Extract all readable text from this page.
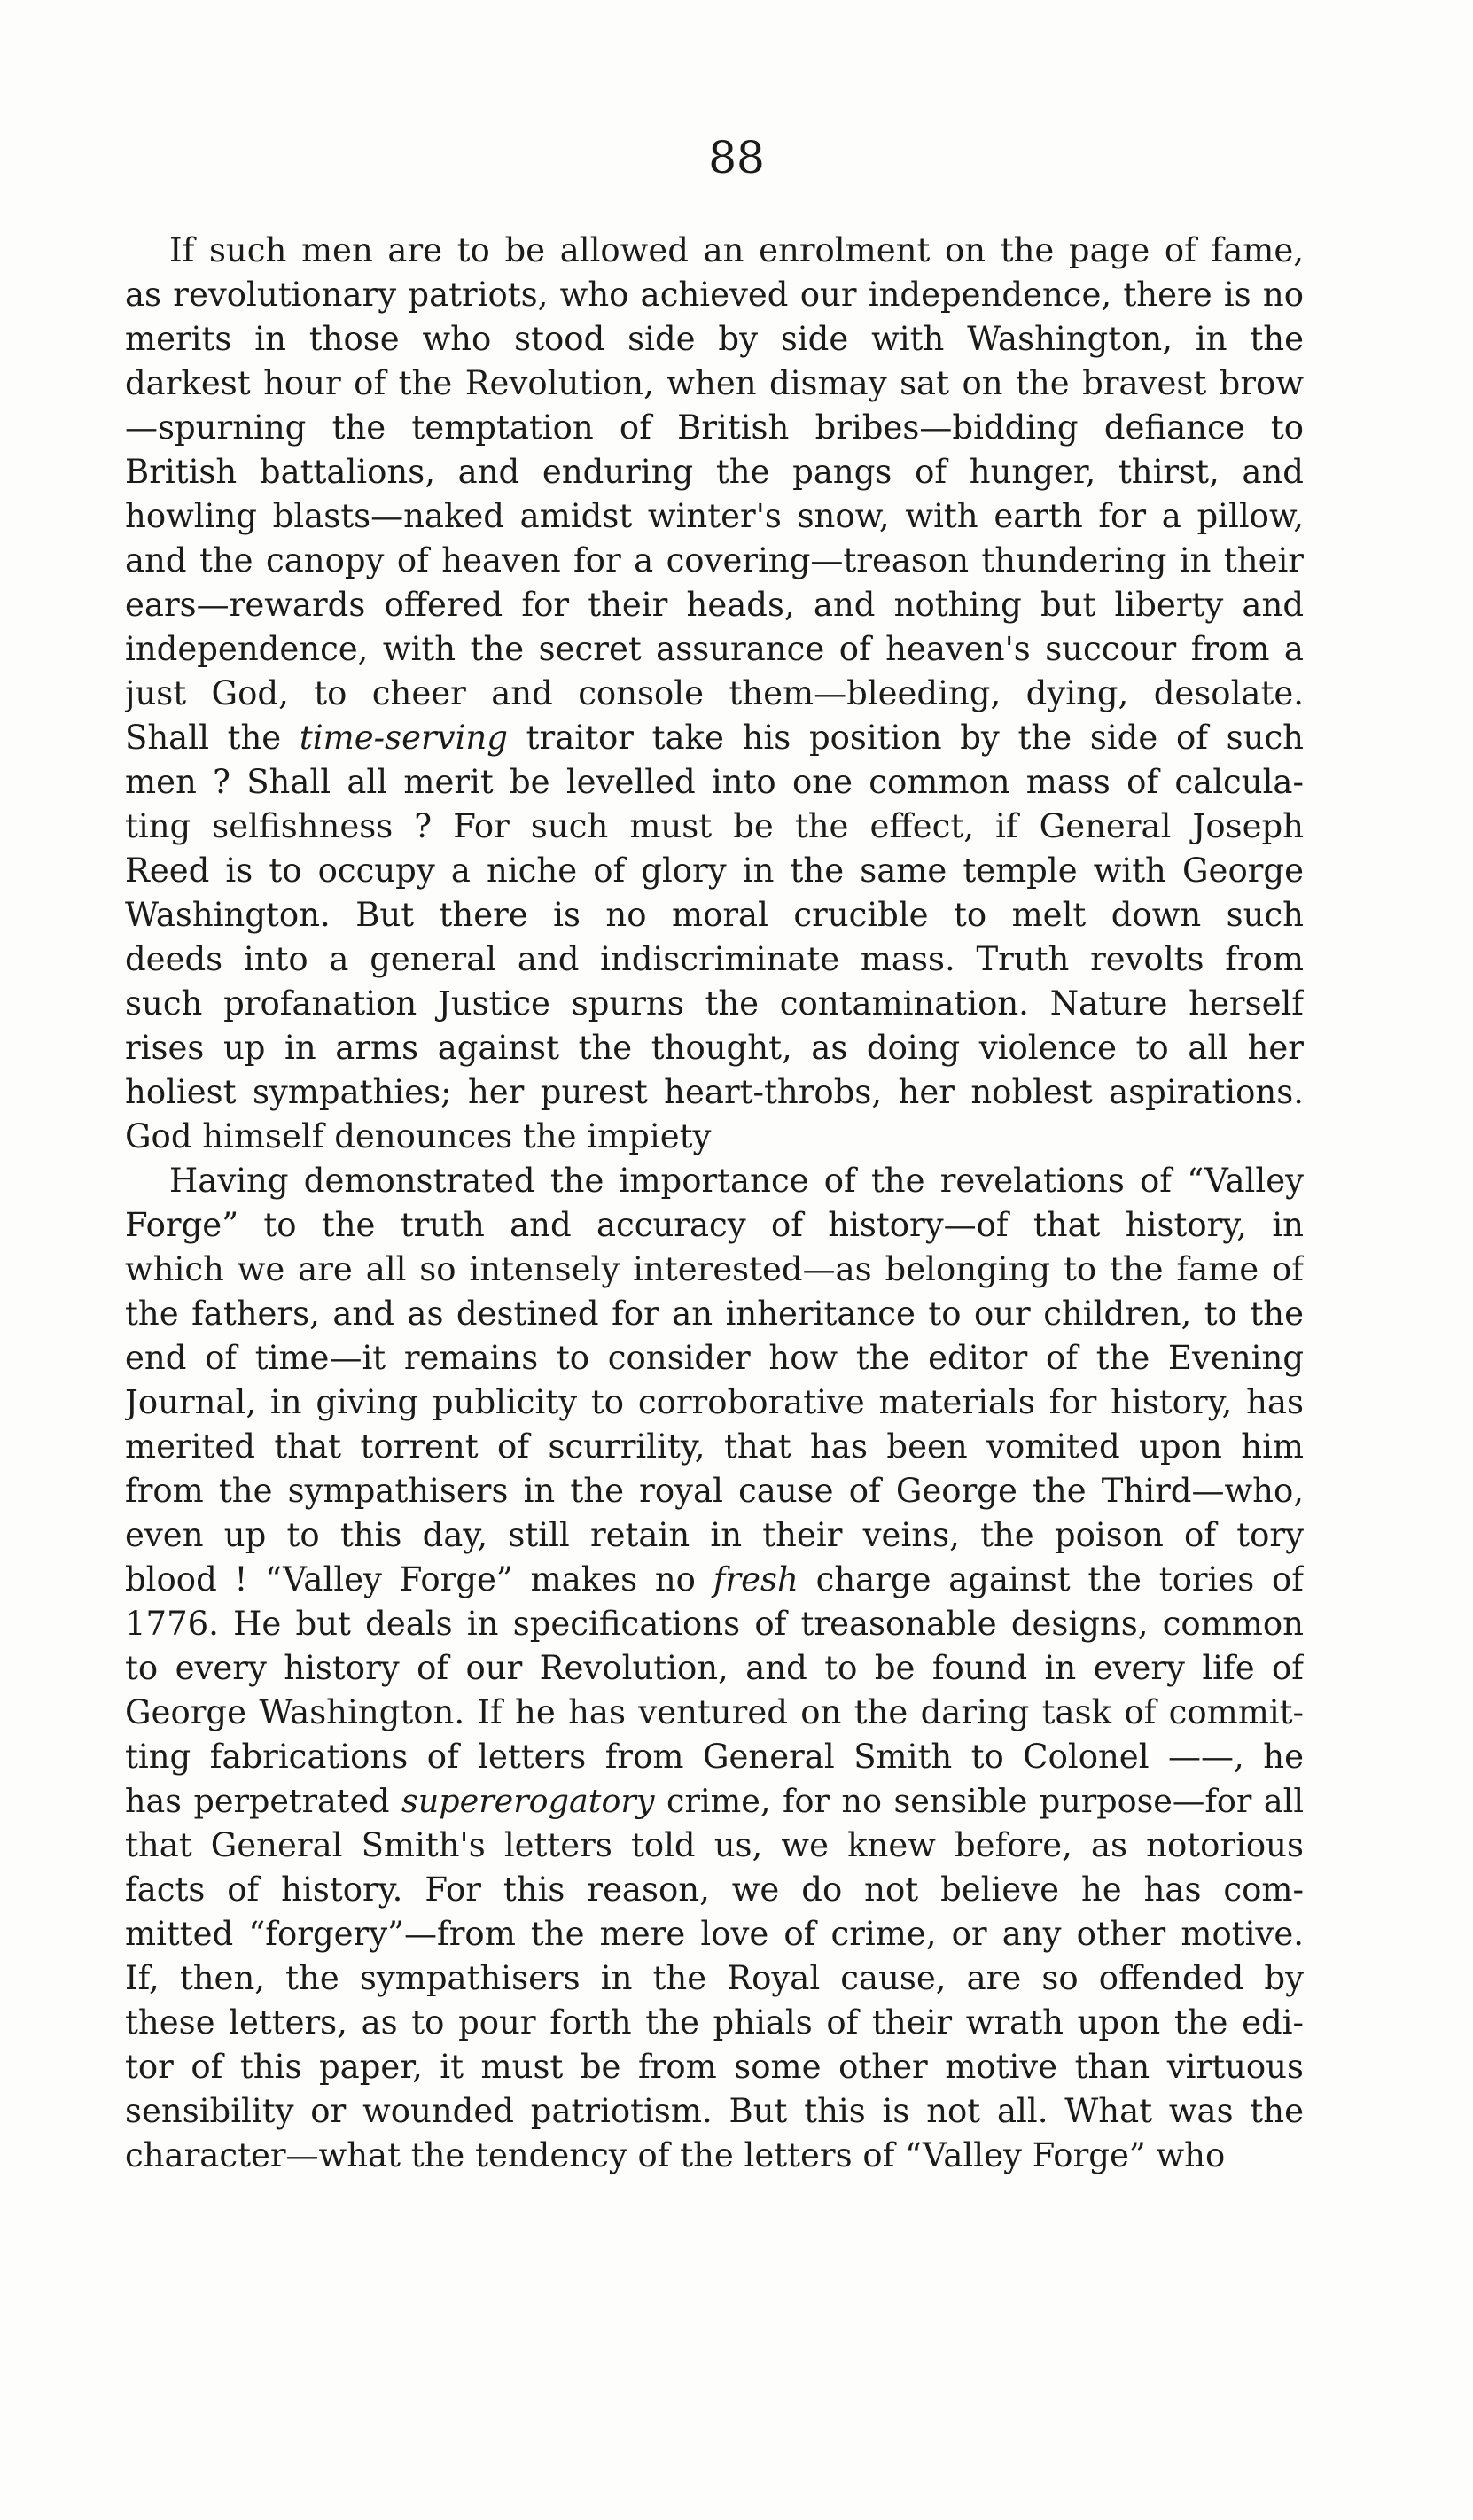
88
If such men are to be allowed an enrolment on the page of fame,
as revolutionary patriots, who achieved our independence, there is no
merits in those who stood side by side with Washington, in the
darkest hour of the Revolution, when dismay sat on the bravest brow
—spurning the temptation of British bribes—bidding defiance to
British battalions, and enduring the pangs of hunger, thirst, and
howling blasts—naked amidst winter's snow, with earth for a pillow,
and the canopy of heaven for a covering—treason thundering in their
ears—rewards offered for their heads, and nothing but liberty and
independence, with the secret assurance of heaven's succour from a
just God, to cheer and console them—bleeding, dying, desolate.
Shall the time-serving traitor take his position by the side of such
men ? Shall all merit be levelled into one common mass of calcula-
ting selfishness ? For such must be the effect, if General Joseph
Reed is to occupy a niche of glory in the same temple with George
Washington. But there is no moral crucible to melt down such
deeds into a general and indiscriminate mass. Truth revolts from
such profanation Justice spurns the contamination. Nature herself
rises up in arms against the thought, as doing violence to all her
holiest sympathies; her purest heart-throbs, her noblest aspirations.
God himself denounces the impiety
Having demonstrated the importance of the revelations of “Valley
Forge” to the truth and accuracy of history—of that history, in
which we are all so intensely interested—as belonging to the fame of
the fathers, and as destined for an inheritance to our children, to the
end of time—it remains to consider how the editor of the Evening
Journal, in giving publicity to corroborative materials for history, has
merited that torrent of scurrility, that has been vomited upon him
from the sympathisers in the royal cause of George the Third—who,
even up to this day, still retain in their veins, the poison of tory
blood ! “Valley Forge” makes no fresh charge against the tories of
1776. He but deals in specifications of treasonable designs, common
to every history of our Revolution, and to be found in every life of
George Washington. If he has ventured on the daring task of commit-
ting fabrications of letters from General Smith to Colonel ——, he
has perpetrated supererogatory crime, for no sensible purpose—for all
that General Smith's letters told us, we knew before, as notorious
facts of history. For this reason, we do not believe he has com-
mitted “forgery”—from the mere love of crime, or any other motive.
If, then, the sympathisers in the Royal cause, are so offended by
these letters, as to pour forth the phials of their wrath upon the edi-
tor of this paper, it must be from some other motive than virtuous
sensibility or wounded patriotism. But this is not all. What was the
character—what the tendency of the letters of “Valley Forge” who
